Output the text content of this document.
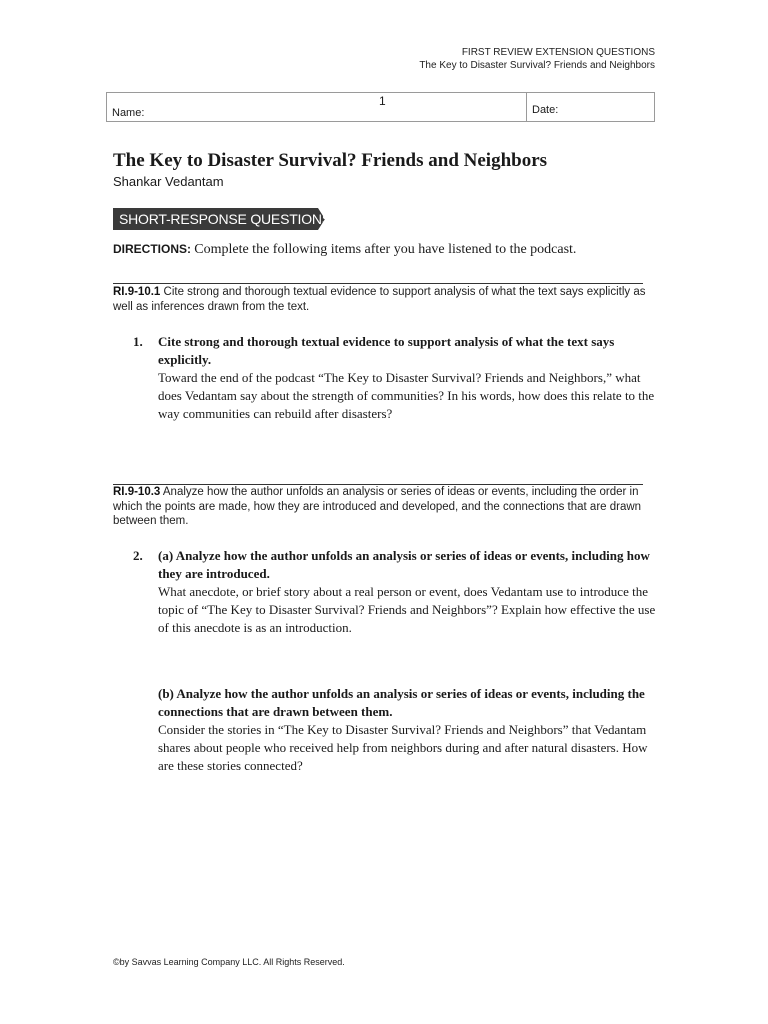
FIRST REVIEW EXTENSION QUESTIONS
The Key to Disaster Survival? Friends and Neighbors
Name:
1
Date:
The Key to Disaster Survival? Friends and Neighbors
Shankar Vedantam
SHORT-RESPONSE QUESTIONS
DIRECTIONS: Complete the following items after you have listened to the podcast.
RI.9-10.1 Cite strong and thorough textual evidence to support analysis of what the text says explicitly as well as inferences drawn from the text.
1. Cite strong and thorough textual evidence to support analysis of what the text says explicitly.
Toward the end of the podcast “The Key to Disaster Survival? Friends and Neighbors,” what does Vedantam say about the strength of communities? In his words, how does this relate to the way communities can rebuild after disasters?
RI.9-10.3 Analyze how the author unfolds an analysis or series of ideas or events, including the order in which the points are made, how they are introduced and developed, and the connections that are drawn between them.
2. (a) Analyze how the author unfolds an analysis or series of ideas or events, including how they are introduced.
What anecdote, or brief story about a real person or event, does Vedantam use to introduce the topic of “The Key to Disaster Survival? Friends and Neighbors”? Explain how effective the use of this anecdote is as an introduction.
(b) Analyze how the author unfolds an analysis or series of ideas or events, including the connections that are drawn between them.
Consider the stories in “The Key to Disaster Survival? Friends and Neighbors” that Vedantam shares about people who received help from neighbors during and after natural disasters. How are these stories connected?
©by Savvas Learning Company LLC. All Rights Reserved.
